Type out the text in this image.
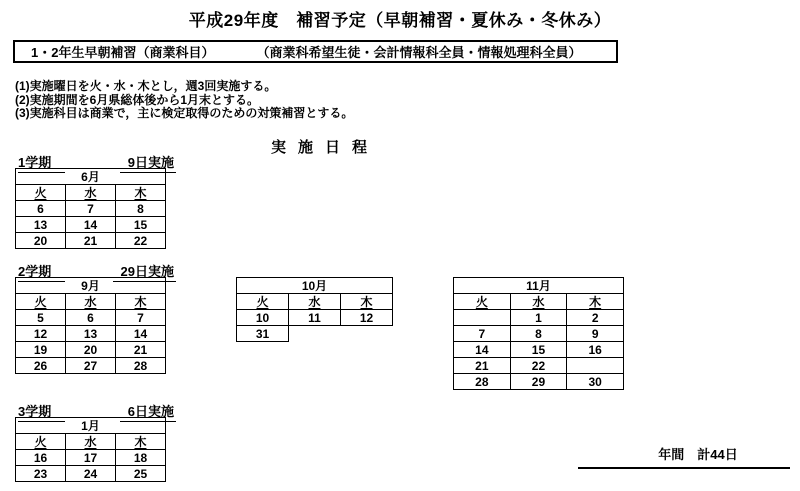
平成29年度　補習予定（早朝補習・夏休み・冬休み）
1・2年生早朝補習（商業科目）	（商業科希望生徒・会計情報科全員・情報処理科全員）
(1)実施曜日を火・水・木とし，週3回実施する。
(2)実施期間を6月県総体後から1月末とする。
(3)実施科目は商業で，主に検定取得のための対策補習とする。
実施日程
1学期	9日実施
6月		
火	水	木
6	7	8
13	14	15
20	21	22
2学期	29日実施
9月		
火	水	木
5	6	7
12	13	14
19	20	21
26	27	28
10月		
火	水	木
10	11	12
31		
11月		
火	水	木
	1	2
7	8	9
14	15	16
21	22	
28	29	30
3学期	6日実施
1月		
火	水	木
16	17	18
23	24	25
年間　計44日
